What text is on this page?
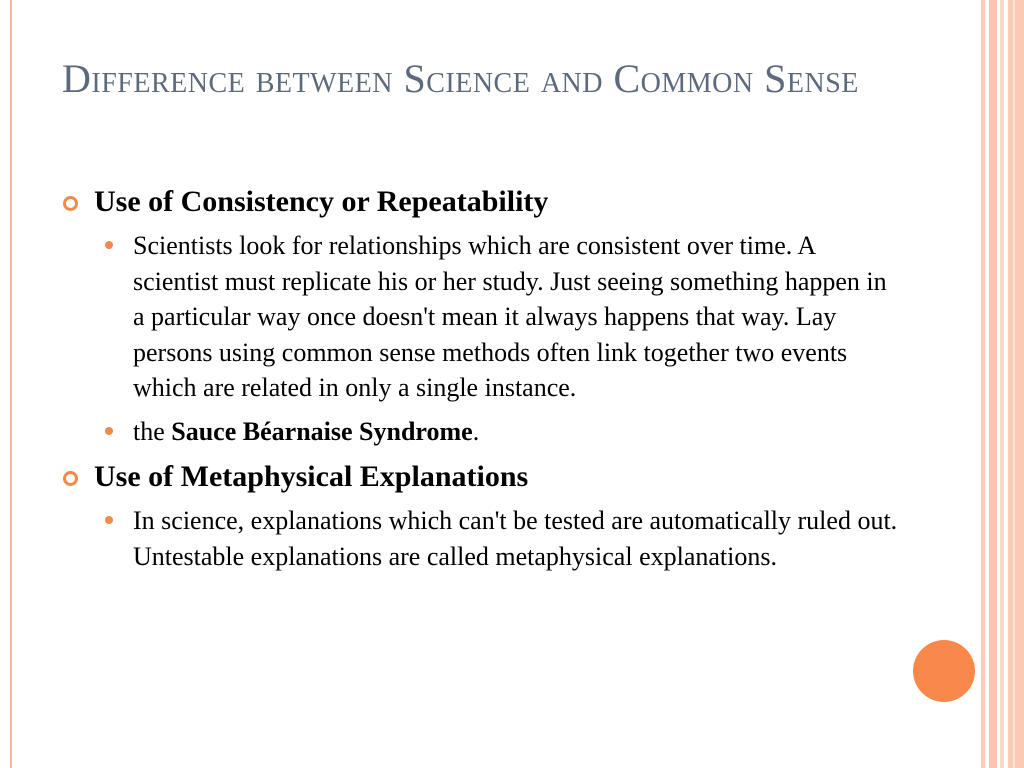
Difference between Science and Common Sense
Use of Consistency or Repeatability
Scientists look for relationships which are consistent over time. A scientist must replicate his or her study. Just seeing something happen in a particular way once doesn't mean it always happens that way. Lay persons using common sense methods often link together two events which are related in only a single instance.
the Sauce Béarnaise Syndrome.
Use of Metaphysical Explanations
In science, explanations which can't be tested are automatically ruled out. Untestable explanations are called metaphysical explanations.
